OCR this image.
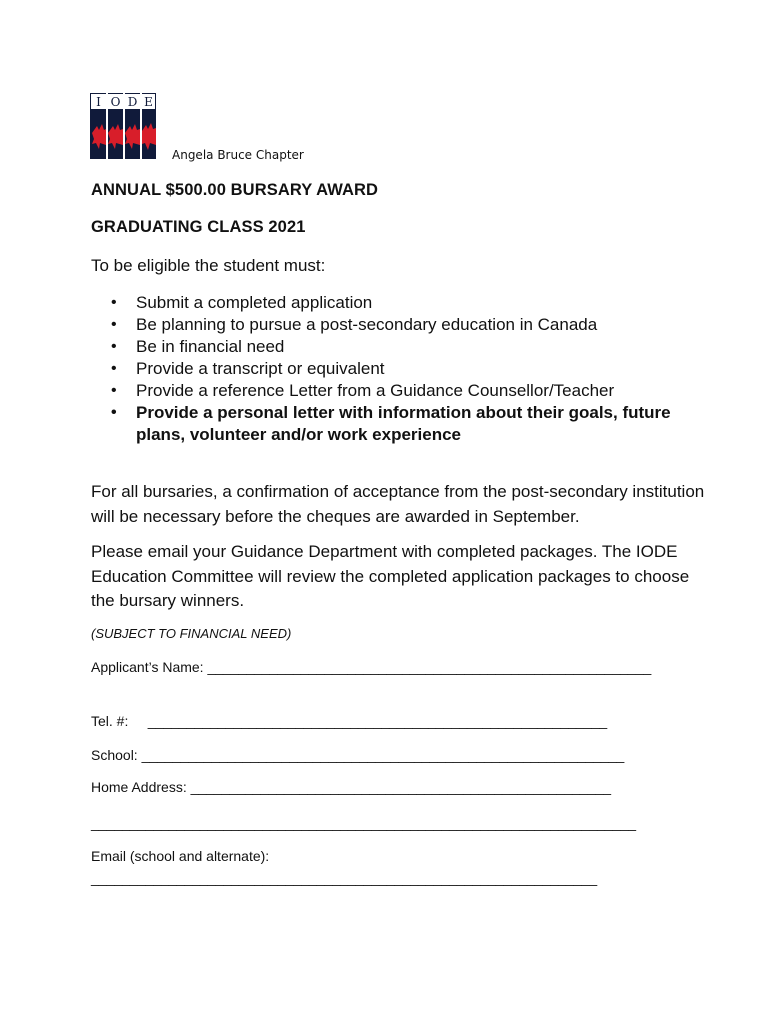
I O D E
Angela Bruce Chapter
ANNUAL $500.00 BURSARY AWARD
GRADUATING CLASS 2021
To be eligible the student must:
• Submit a completed application
• Be planning to pursue a post-secondary education in Canada
• Be in financial need
• Provide a transcript or equivalent
• Provide a reference Letter from a Guidance Counsellor/Teacher
• Provide a personal letter with information about their goals, future plans, volunteer and/or work experience
For all bursaries, a confirmation of acceptance from the post-secondary institution will be necessary before the cheques are awarded in September.
Please email your Guidance Department with completed packages. The IODE Education Committee will review the completed application packages to choose the bursary winners.
(SUBJECT TO FINANCIAL NEED)
Applicant’s Name: _________________________________________________________
Tel. #:     ___________________________________________________________
School: ______________________________________________________________
Home Address: ______________________________________________________
______________________________________________________________________
Email (school and alternate):
_________________________________________________________________
